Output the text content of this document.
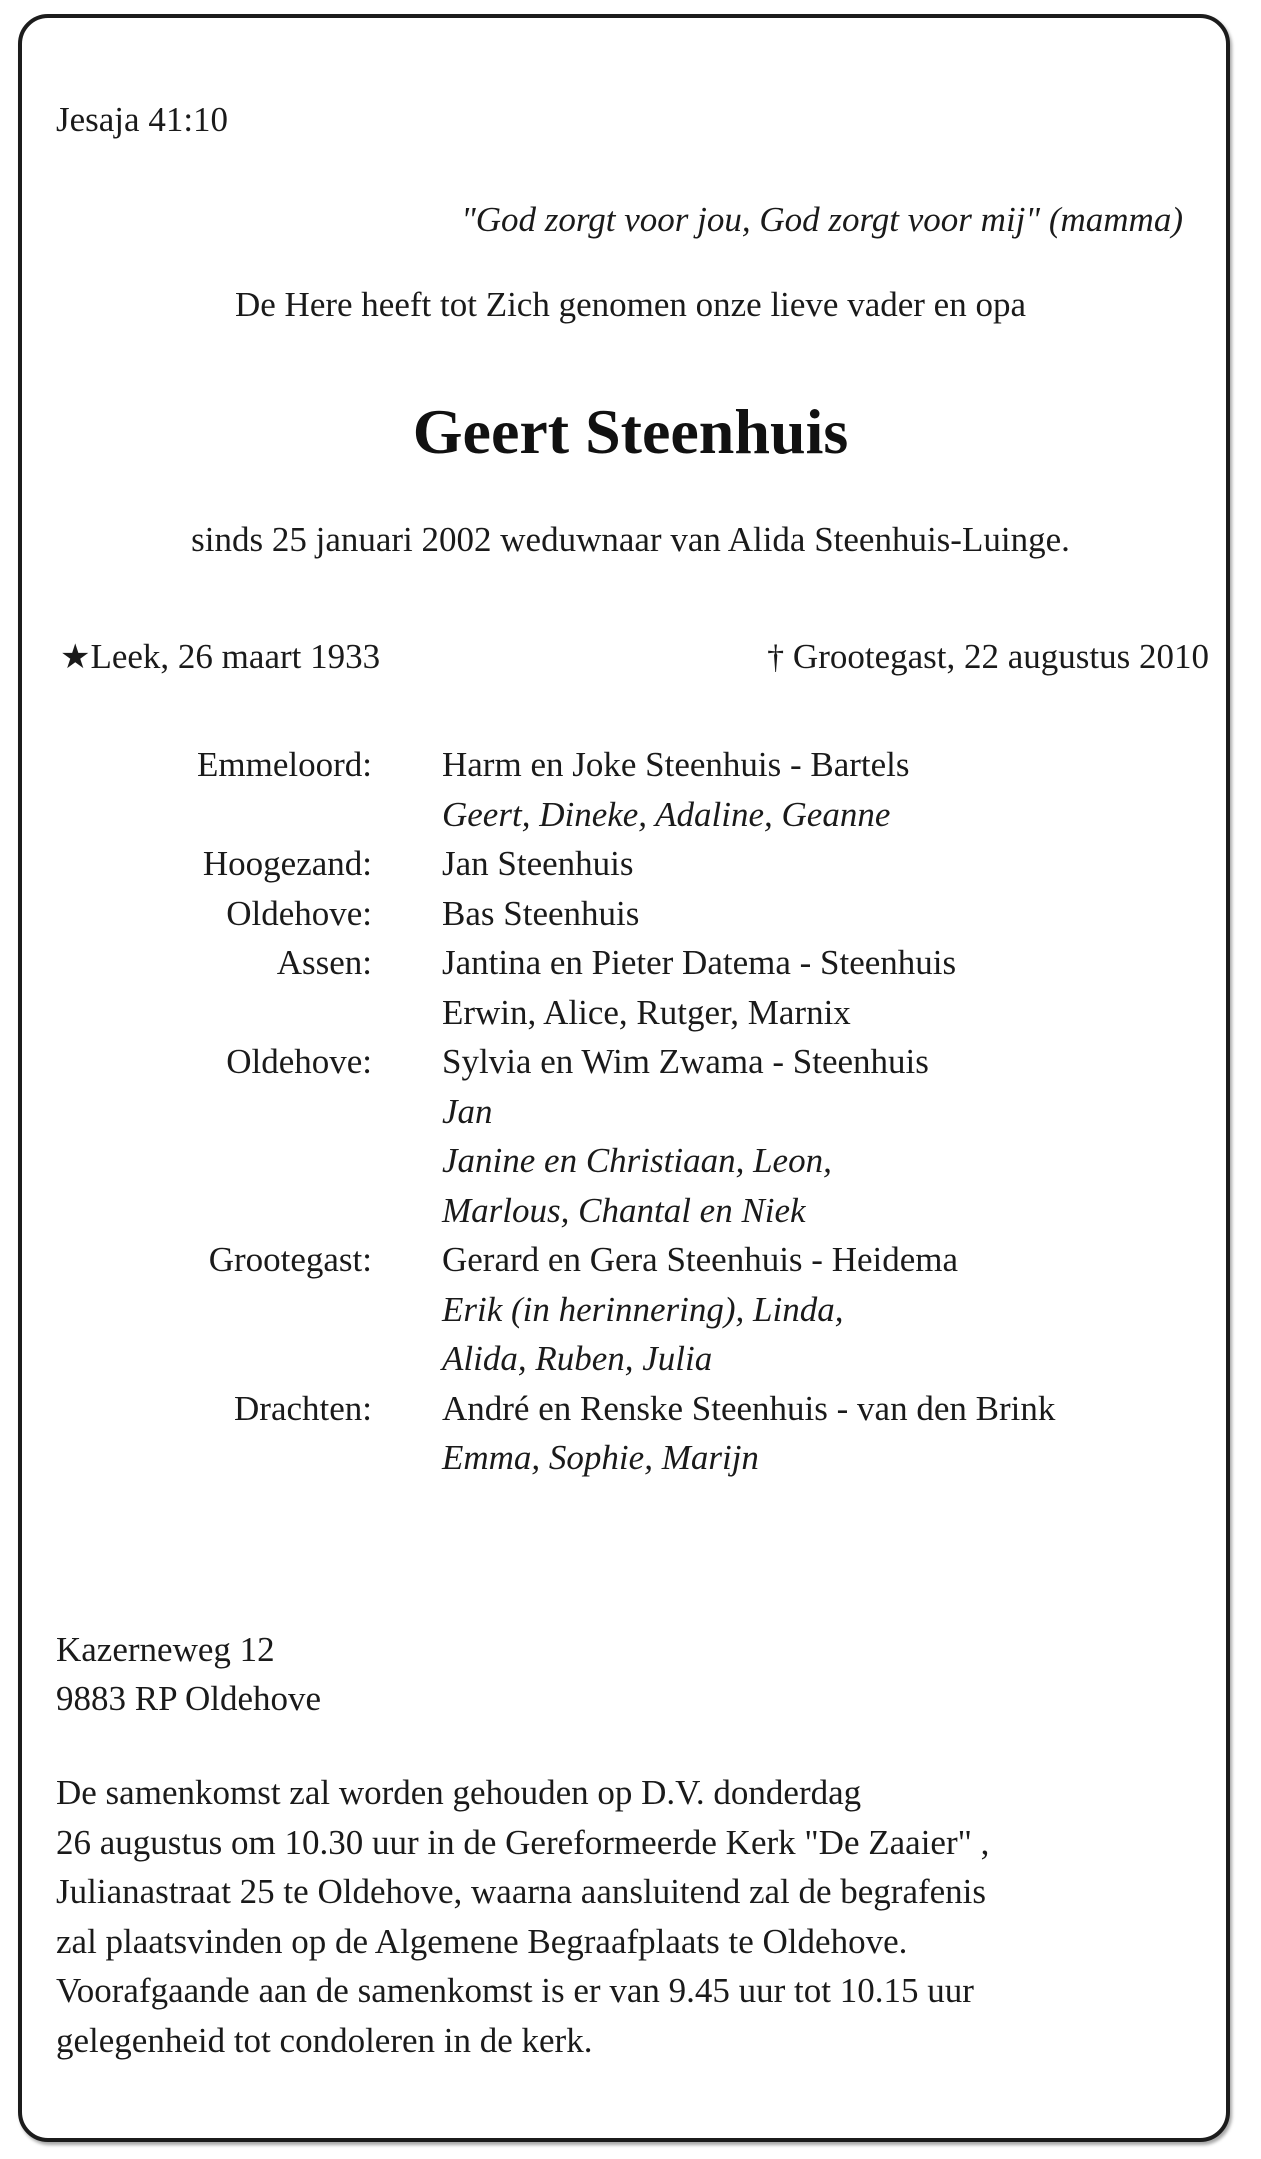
Jesaja 41:10
"God zorgt voor jou, God zorgt voor mij" (mamma)
De Here heeft tot Zich genomen onze lieve vader en opa
Geert Steenhuis
sinds 25 januari 2002 weduwnaar van Alida Steenhuis-Luinge.
★Leek, 26 maart 1933	† Grootegast, 22 augustus 2010
Emmeloord: Harm en Joke Steenhuis - Bartels
Geert, Dineke, Adaline, Geanne
Hoogezand: Jan Steenhuis
Oldehove: Bas Steenhuis
Assen: Jantina en Pieter Datema - Steenhuis
Erwin, Alice, Rutger, Marnix
Oldehove: Sylvia en Wim Zwama - Steenhuis
Jan
Janine en Christiaan, Leon,
Marlous, Chantal en Niek
Grootegast: Gerard en Gera Steenhuis - Heidema
Erik (in herinnering), Linda,
Alida, Ruben, Julia
Drachten: André en Renske Steenhuis - van den Brink
Emma, Sophie, Marijn
Kazerneweg 12
9883 RP Oldehove
De samenkomst zal worden gehouden op D.V. donderdag
26 augustus om 10.30 uur in de Gereformeerde Kerk "De Zaaier" ,
Julianastraat 25 te Oldehove, waarna aansluitend zal de begrafenis
zal plaatsvinden op de Algemene Begraafplaats te Oldehove.
Voorafgaande aan de samenkomst is er van 9.45 uur tot 10.15 uur
gelegenheid tot condoleren in de kerk.
